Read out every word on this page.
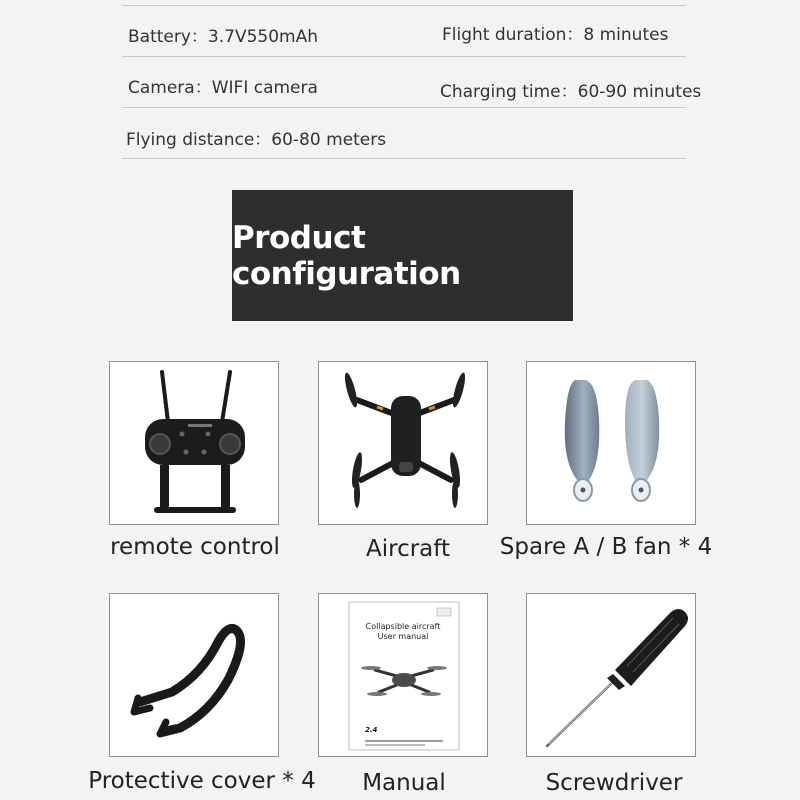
Battery：3.7V550mAh	Flight duration：8 minutes
Camera：WIFI camera	Charging time：60-90 minutes
Flying distance：60-80 meters
Product configuration
remote control	Aircraft Spare A / B fan * 4
Protective cover * 4
Collapsible aircraft
User manual
2.4
Manual	Screwdriver
